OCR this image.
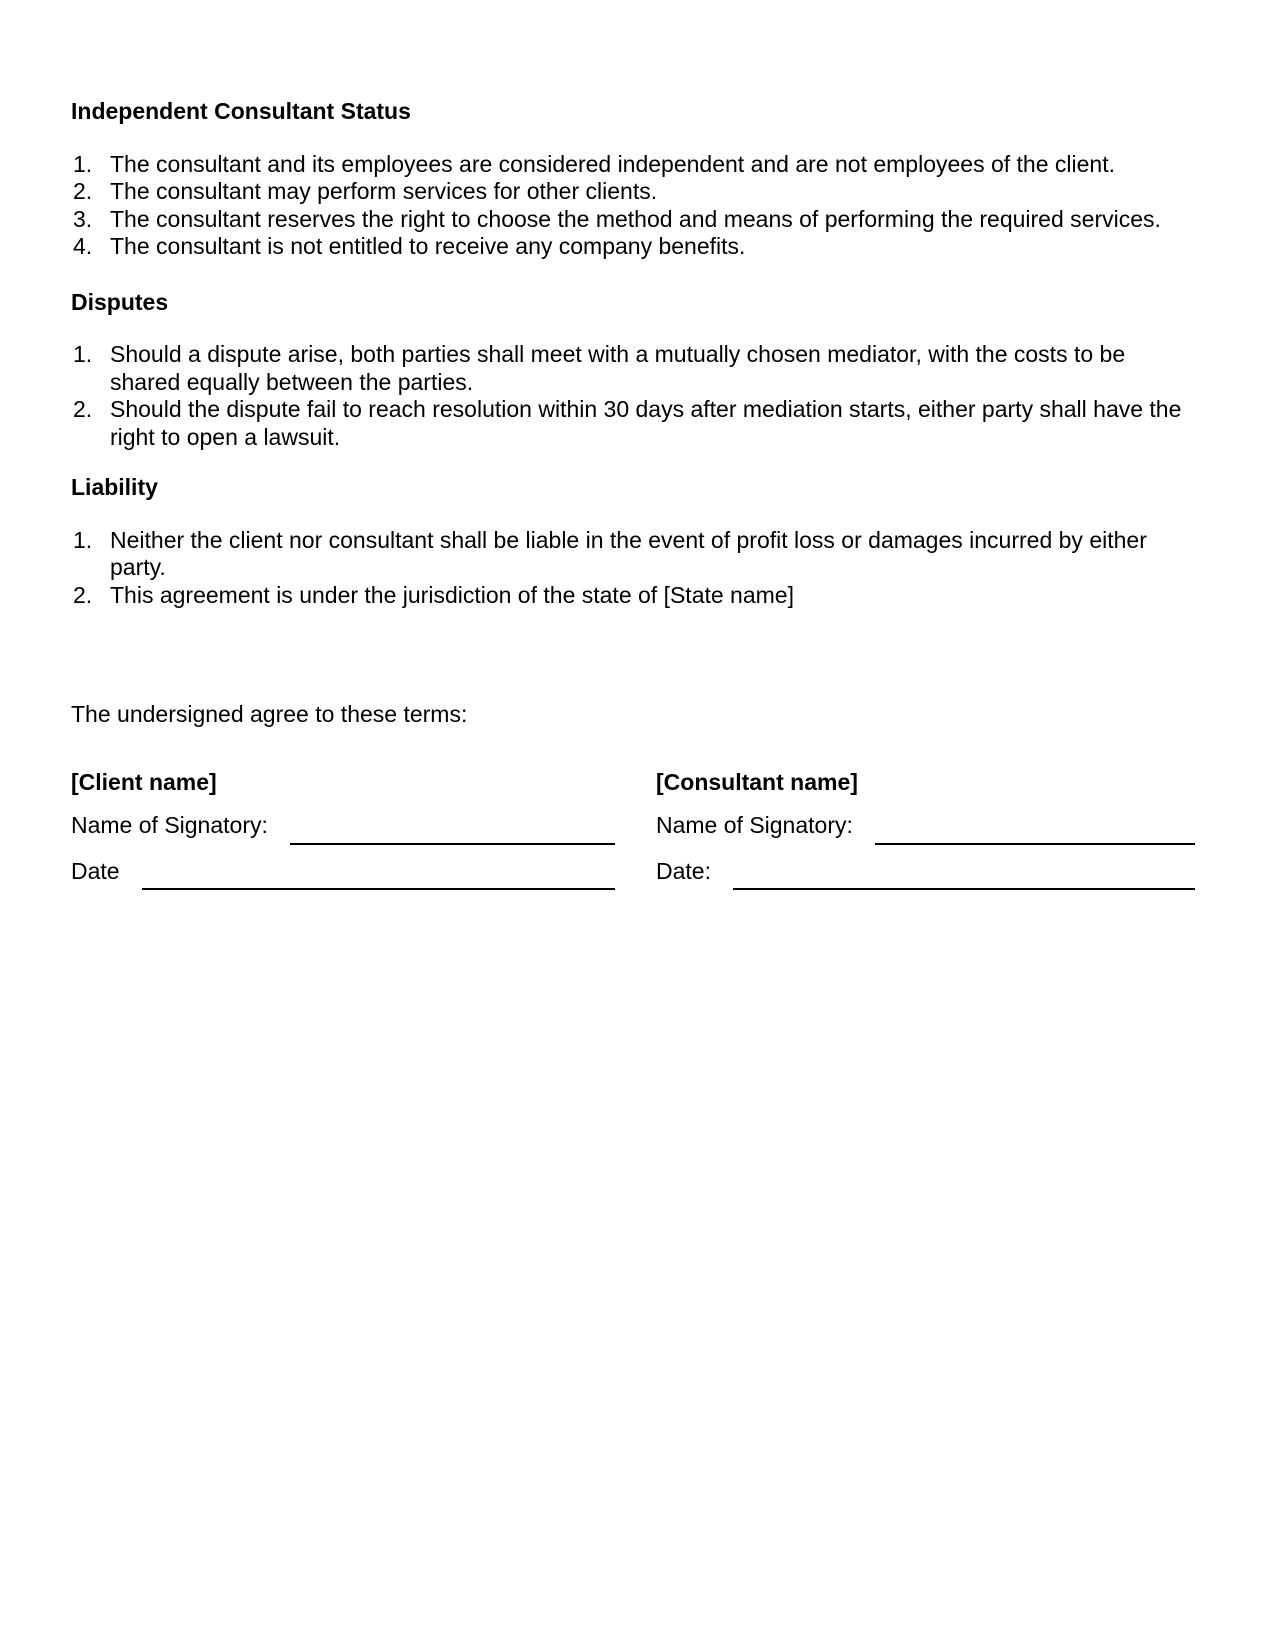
Independent Consultant Status
1. The consultant and its employees are considered independent and are not employees of the client.
2. The consultant may perform services for other clients.
3. The consultant reserves the right to choose the method and means of performing the required services.
4. The consultant is not entitled to receive any company benefits.
Disputes
1. Should a dispute arise, both parties shall meet with a mutually chosen mediator, with the costs to be shared equally between the parties.
2. Should the dispute fail to reach resolution within 30 days after mediation starts, either party shall have the right to open a lawsuit.
Liability
1. Neither the client nor consultant shall be liable in the event of profit loss or damages incurred by either party.
2. This agreement is under the jurisdiction of the state of [State name]

The undersigned agree to these terms:

[Client name]

Name of Signatory:
Date

[Consultant name]

Name of Signatory:
Date:
